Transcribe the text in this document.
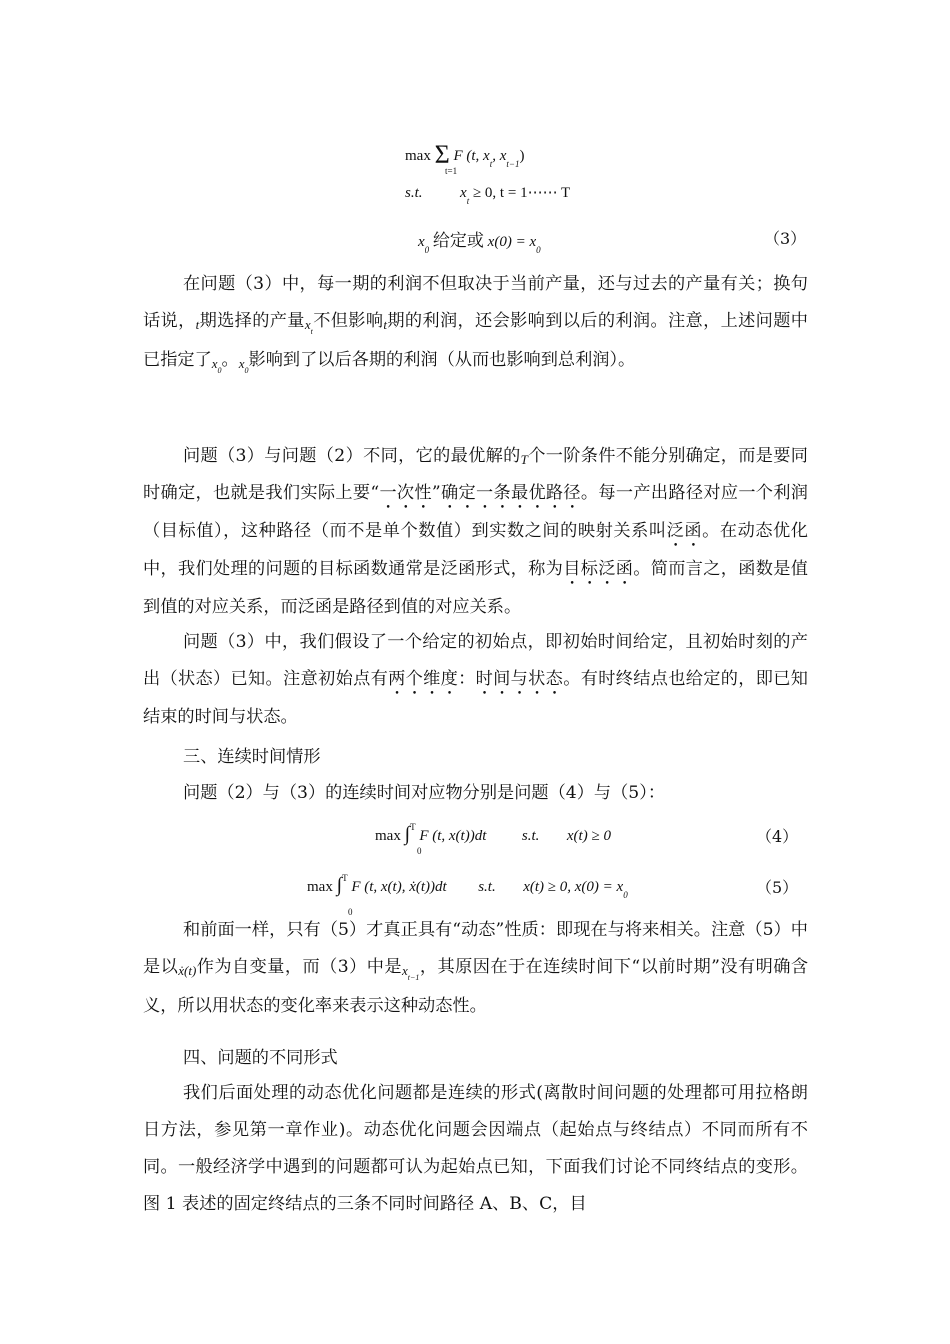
max Σ F (t, $x_t$, $x_{t-1}$)
t=1
s.t.	$x_t \ge 0$, t = 1⋯⋯ T
$x_0$ 给定或 $x(0) = x_0$
（3）

在问题（3）中，每一期的利润不但取决于当前产量，还与过去的产量有关；换句话说，t期选择的产量$x_t$不但影响t期的利润，还会影响到以后的利润。注意，上述问题中已指定了$x_0$。$x_0$影响到了以后各期的利润（从而也影响到总利润）。

问题（3）与问题（2）不同，它的最优解的T个一阶条件不能分别确定，而是要同时确定，也就是我们实际上要“一次性”确定一条最优路径。每一产出路径对应一个利润（目标值），这种路径（而不是单个数值）到实数之间的映射关系叫泛函。在动态优化中，我们处理的问题的目标函数通常是泛函形式，称为目标泛函。简而言之，函数是值到值的对应关系，而泛函是路径到值的对应关系。

问题（3）中，我们假设了一个给定的初始点，即初始时间给定，且初始时刻的产出（状态）已知。注意初始点有两个维度：时间与状态。有时终结点也给定的，即已知结束的时间与状态。

三、连续时间情形

问题（2）与（3）的连续时间对应物分别是问题（4）与（5）：

max ∫$^T$ F (t, x(t))dt s.t. x(t) ≥ 0
0
（4）
max ∫$^T$ F (t, x(t), ẋ(t))dt s.t. x(t) ≥ 0, $x(0) = x_0$
0
（5）

和前面一样，只有（5）才真正具有“动态”性质：即现在与将来相关。注意（5）中是以ẋ(t)作为自变量，而（3）中是$x_{t-1}$，其原因在于在连续时间下“以前时期”没有明确含义，所以用状态的变化率来表示这种动态性。

四、问题的不同形式

我们后面处理的动态优化问题都是连续的形式(离散时间问题的处理都可用拉格朗日方法，参见第一章作业)。动态优化问题会因端点（起始点与终结点）不同而所有不同。一般经济学中遇到的问题都可认为起始点已知，下面我们讨论不同终结点的变形。图 1 表述的固定终结点的三条不同时间路径 A、B、C，目
